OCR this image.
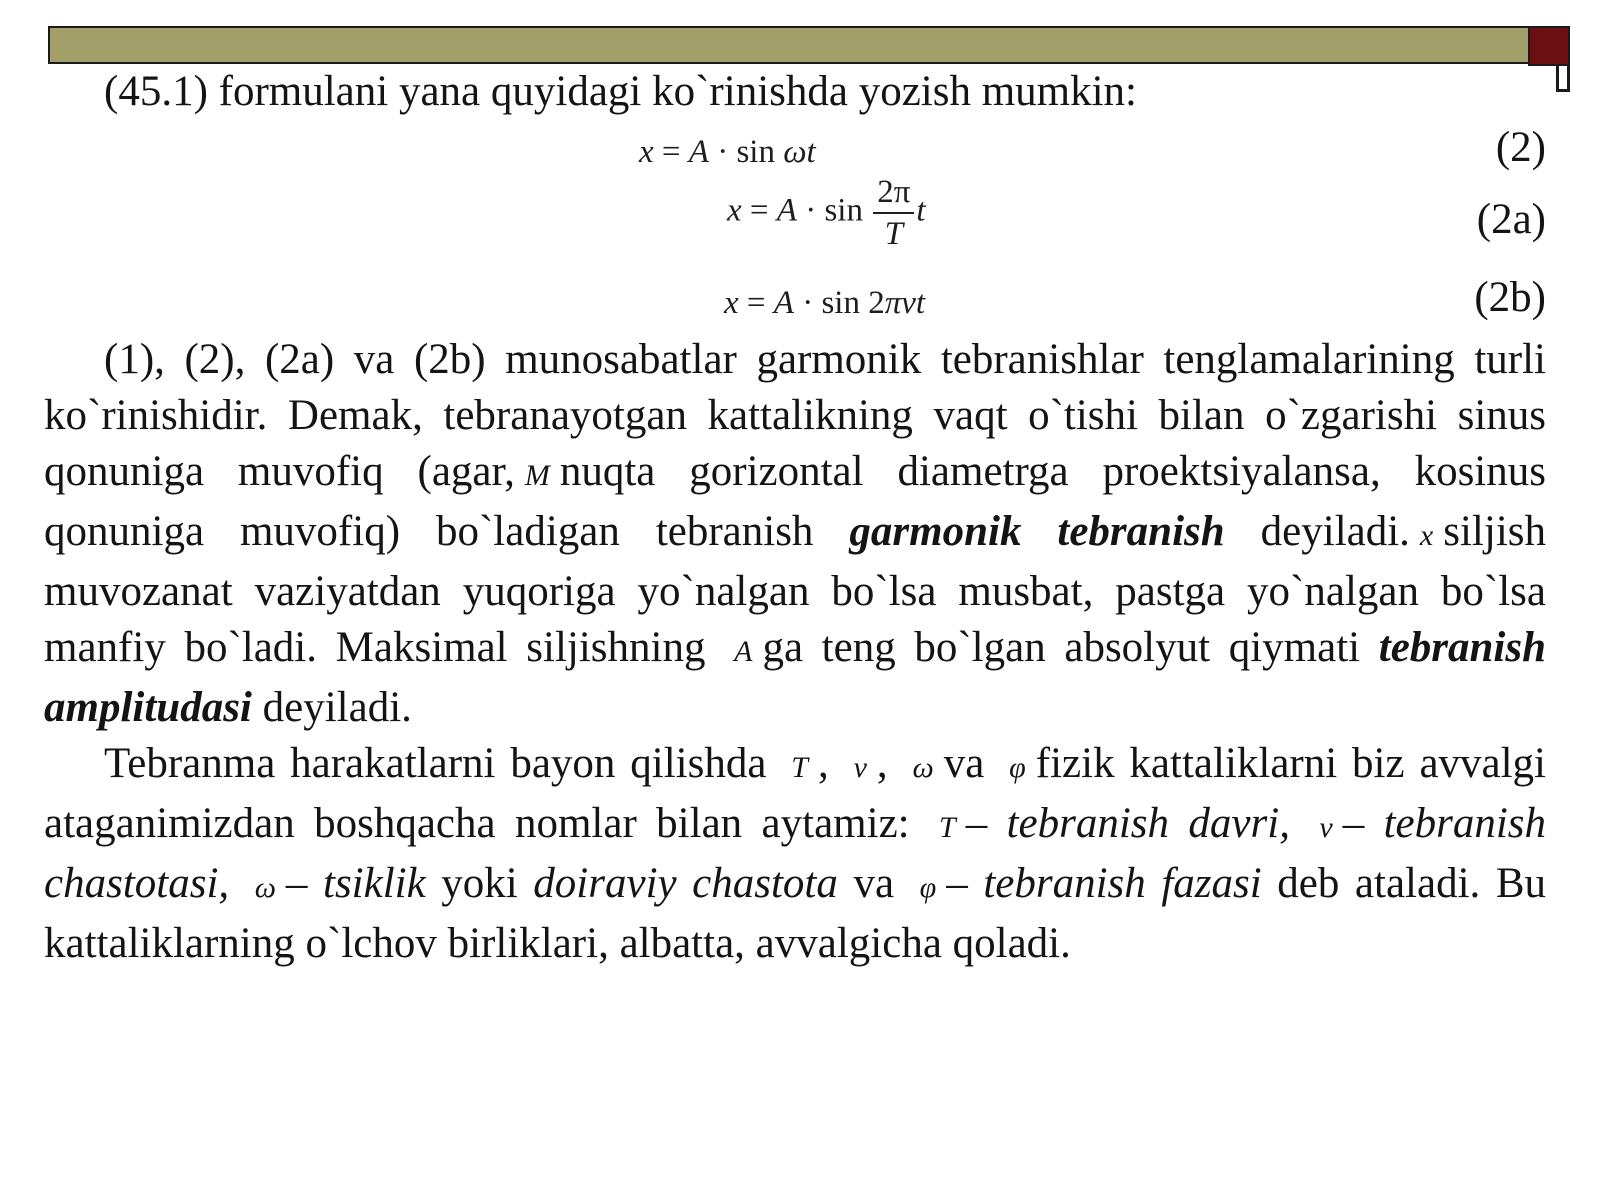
(45.1) formulani yana quyidagi ko`rinishda yozish mumkin:

x = A · sin ωt	(2)
$x = A \cdot \sin \frac{2\pi}{T}$ t	(2a)
x = A · sin 2πνt	(2b)

(1), (2), (2a) va (2b) munosabatlar garmonik tebranishlar tenglamalarining turli ko`rinishidir. Demak, tebranayotgan kattalikning vaqt o`tishi bilan o`zgarishi sinus qonuniga muvofiq (agar, M nuqta gorizontal diametrga proektsiyalansa, kosinus qonuniga muvofiq) bo`ladigan tebranish garmonik tebranish deyiladi. x siljish muvozanat vaziyatdan yuqoriga yo`nalgan bo`lsa musbat, pastga yo`nalgan bo`lsa manfiy bo`ladi. Maksimal siljishning A ga teng bo`lgan absolyut qiymati tebranish amplitudasi deyiladi.

Tebranma harakatlarni bayon qilishda T , ν , ω va φ fizik kattaliklarni biz avvalgi ataganimizdan boshqacha nomlar bilan aytamiz: T – tebranish davri, ν – tebranish chastotasi, ω – tsiklik yoki doiraviy chastota va φ – tebranish fazasi deb ataladi. Bu kattaliklarning o`lchov birliklari, albatta, avvalgicha qoladi.
